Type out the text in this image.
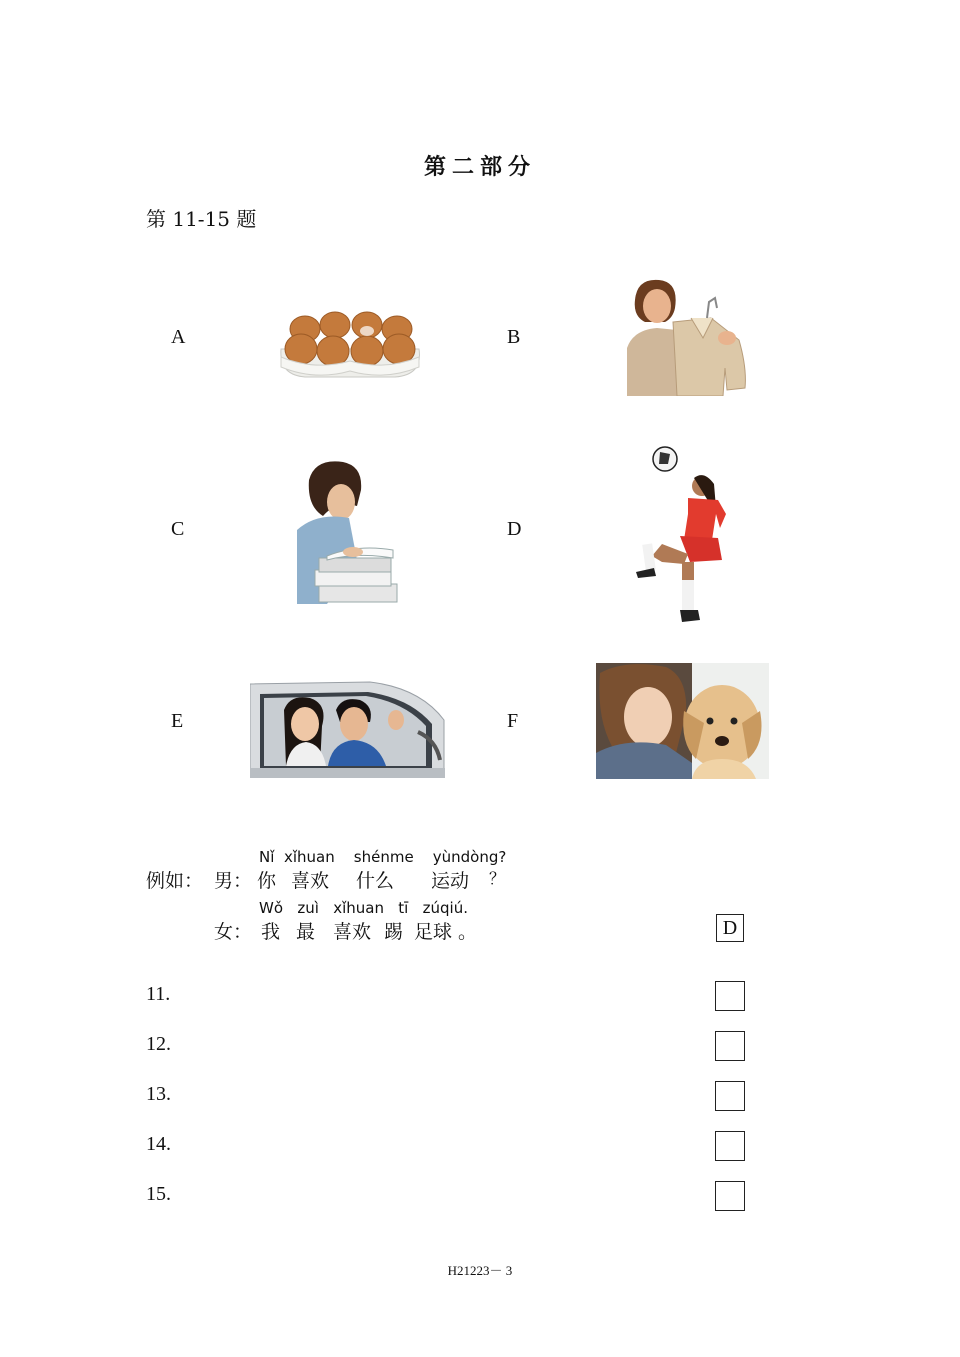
第二部分
第 11-15 题
A	B
C	D
E	F
Nǐ xǐhuan shénme yùndòng?
例如： 男： 你 喜欢 什么 运动 ？
Wǒ zuì xǐhuan tī zúqiú.
女： 我 最 喜欢 踢 足球 。	D
11.
12.
13.
14.
15.
H21223－ 3
